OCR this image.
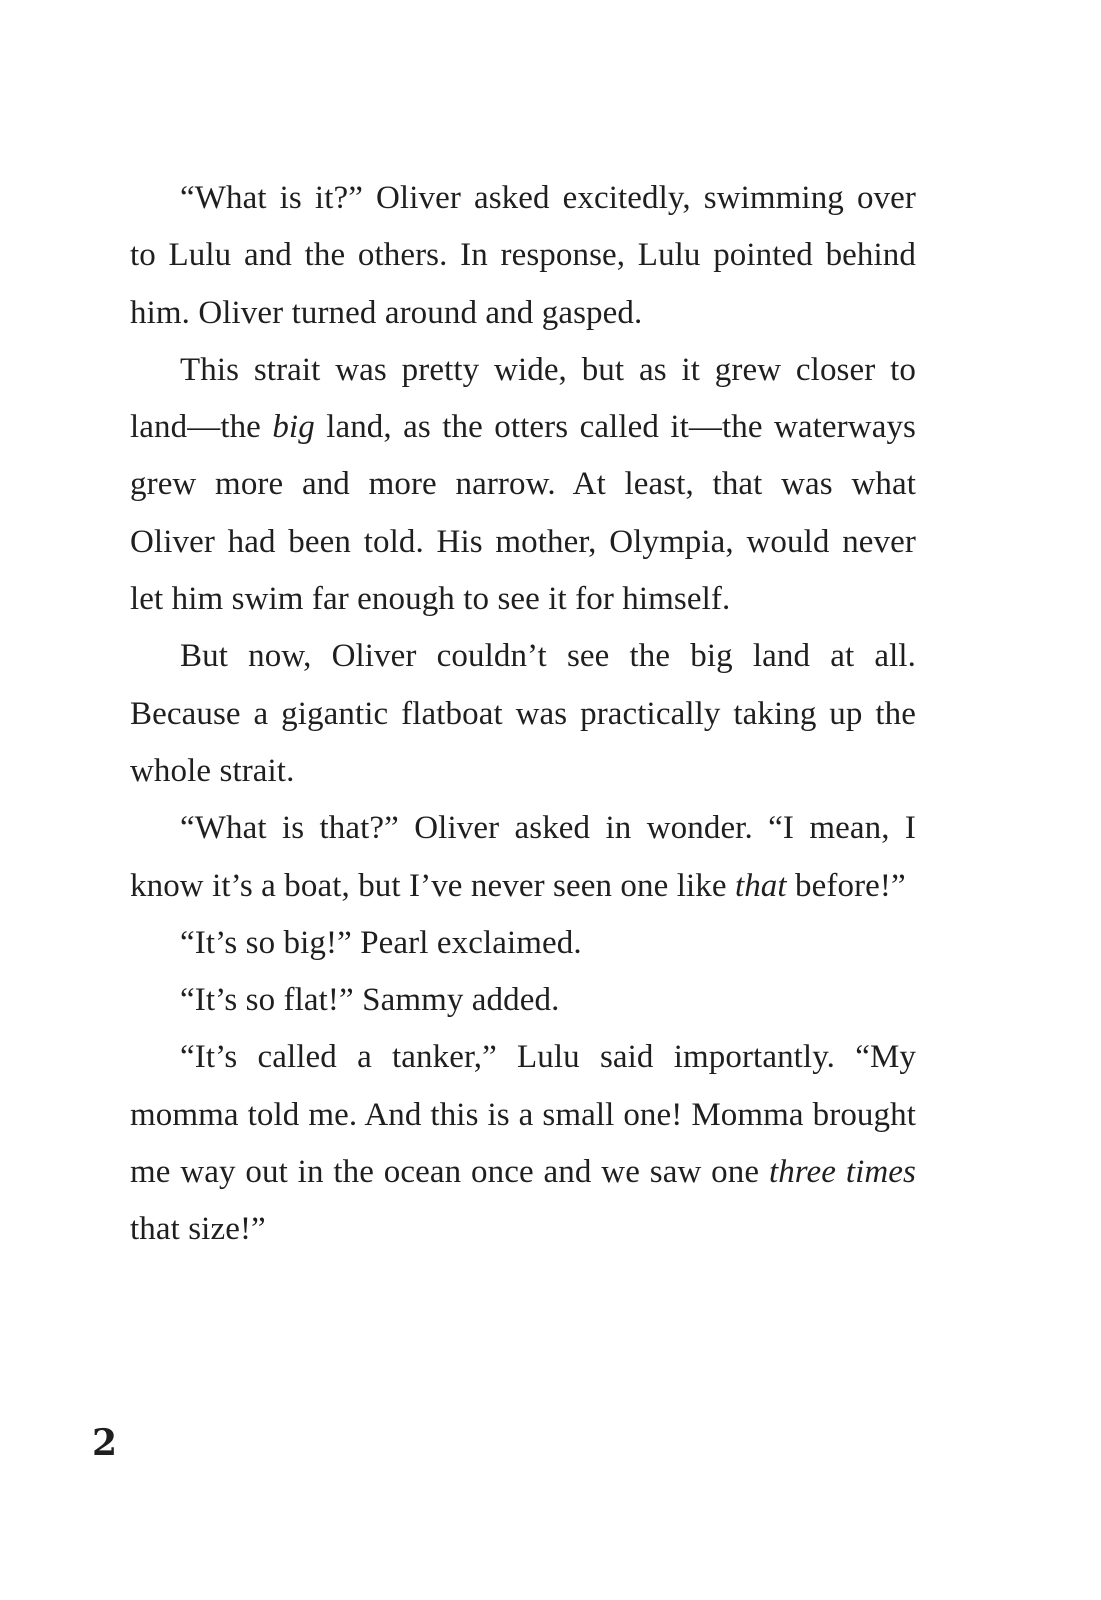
“What is it?” Oliver asked excitedly, swimming over to Lulu and the others. In response, Lulu pointed behind him. Oliver turned around and gasped.

This strait was pretty wide, but as it grew closer to land—the big land, as the otters called it—the waterways grew more and more narrow. At least, that was what Oliver had been told. His mother, Olympia, would never let him swim far enough to see it for himself.

But now, Oliver couldn’t see the big land at all. Because a gigantic flatboat was practically taking up the whole strait.

“What is that?” Oliver asked in wonder. “I mean, I know it’s a boat, but I’ve never seen one like that before!”

“It’s so big!” Pearl exclaimed.

“It’s so flat!” Sammy added.

“It’s called a tanker,” Lulu said importantly. “My momma told me. And this is a small one! Momma brought me way out in the ocean once and we saw one three times that size!”

2
